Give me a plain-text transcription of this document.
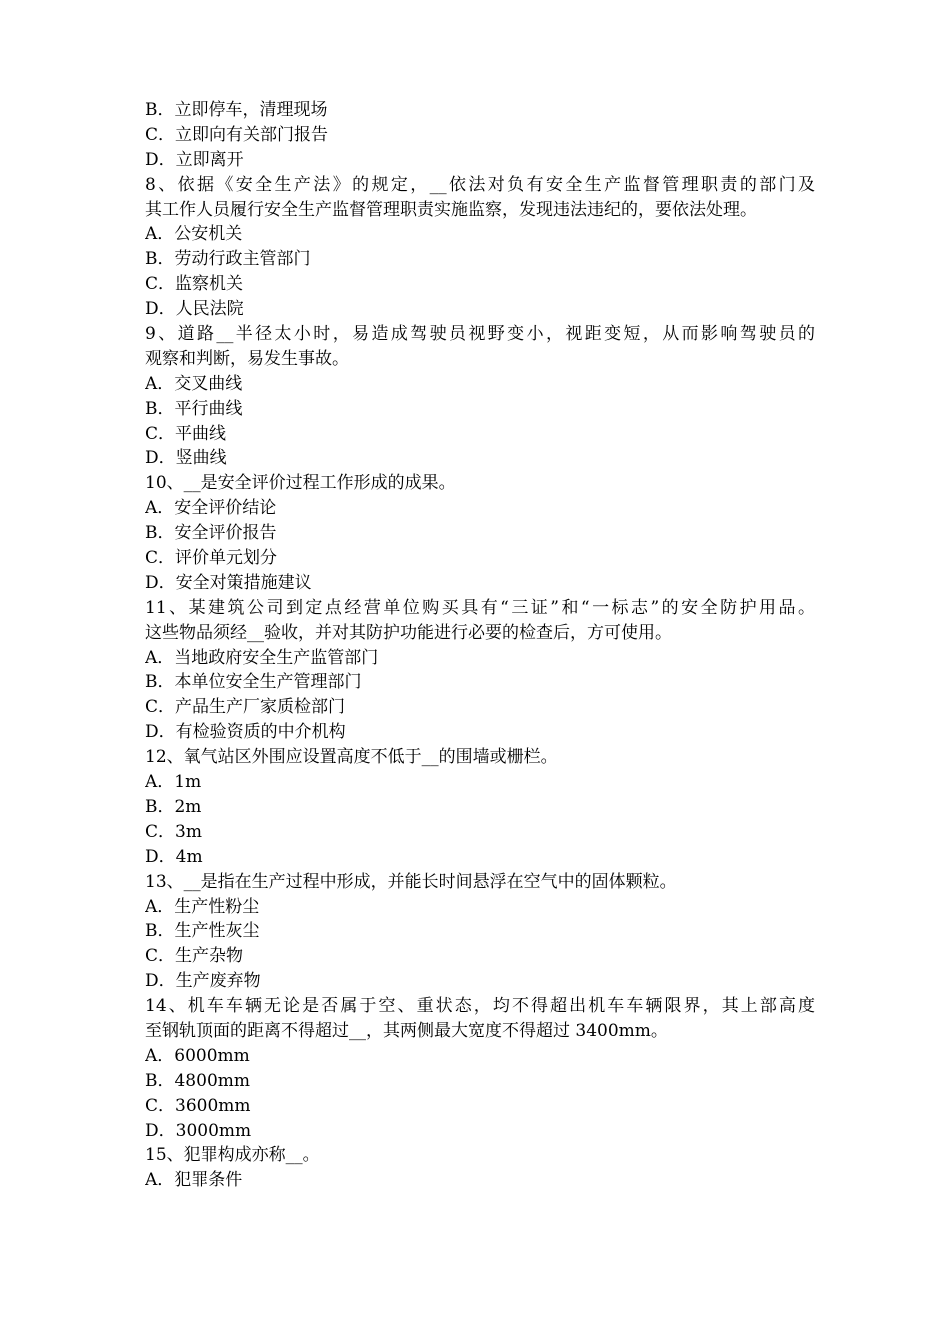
B．立即停车，清理现场
C．立即向有关部门报告
D．立即离开
8、依据《安全生产法》的规定，__依法对负有安全生产监督管理职责的部门及
其工作人员履行安全生产监督管理职责实施监察，发现违法违纪的，要依法处理。
A．公安机关
B．劳动行政主管部门
C．监察机关
D．人民法院
9、道路__半径太小时，易造成驾驶员视野变小，视距变短，从而影响驾驶员的
观察和判断，易发生事故。
A．交叉曲线
B．平行曲线
C．平曲线
D．竖曲线
10、__是安全评价过程工作形成的成果。
A．安全评价结论
B．安全评价报告
C．评价单元划分
D．安全对策措施建议
11、某建筑公司到定点经营单位购买具有“三证”和“一标志”的安全防护用品。
这些物品须经__验收，并对其防护功能进行必要的检查后，方可使用。
A．当地政府安全生产监管部门
B．本单位安全生产管理部门
C．产品生产厂家质检部门
D．有检验资质的中介机构
12、氧气站区外围应设置高度不低于__的围墙或栅栏。
A．1m
B．2m
C．3m
D．4m
13、__是指在生产过程中形成，并能长时间悬浮在空气中的固体颗粒。
A．生产性粉尘
B．生产性灰尘
C．生产杂物
D．生产废弃物
14、机车车辆无论是否属于空、重状态，均不得超出机车车辆限界，其上部高度
至钢轨顶面的距离不得超过__，其两侧最大宽度不得超过 3400mm。
A．6000mm
B．4800mm
C．3600mm
D．3000mm
15、犯罪构成亦称__。
A．犯罪条件
